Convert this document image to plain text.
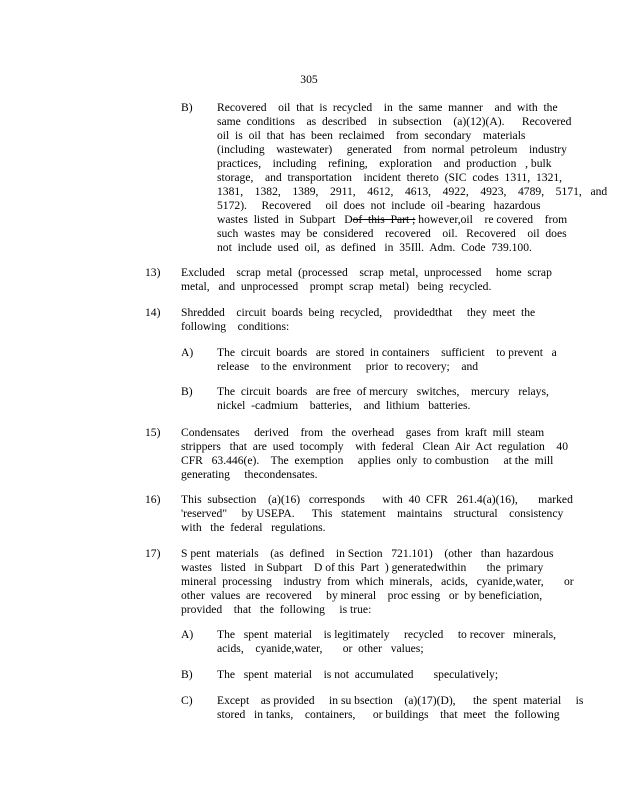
305
B)	Recovered    oil  that  is  recycled    in  the  same  manner    and  with  the
same  conditions    as  described    in  subsection    (a)(12)(A).      Recovered
oil  is  oil  that  has  been  reclaimed    from  secondary    materials
(including    wastewater)     generated    from  normal  petroleum    industry
practices,    including    refining,    exploration    and  production   , bulk
storage,    and  transportation    incident  thereto  (SIC  codes  1311,  1321,
1381,    1382,    1389,    2911,    4612,    4613,    4922,    4923,    4789,    5171,   and
5172).     Recovered     oil  does  not  include  oil -bearing   hazardous
wastes  listed  in  Subpart   Dof  this  Part ; however,oil    re covered    from
such  wastes  may  be  considered    recovered    oil.   Recovered    oil  does
not  include  used  oil,  as  defined   in  35Ill.  Adm.  Code  739.100.
13)	Excluded    scrap  metal  (processed    scrap  metal,  unprocessed     home  scrap
metal,   and  unprocessed    prompt  scrap  metal)   being  recycled.
14)	Shredded    circuit  boards  being  recycled,    providedthat     they  meet  the
following    conditions:
A)	The  circuit  boards   are  stored  in containers    sufficient    to prevent   a
release    to the  environment     prior  to recovery;    and
B)	The  circuit  boards   are free  of mercury   switches,    mercury   relays,
nickel  -cadmium    batteries,    and  lithium   batteries.
15)	Condensates     derived    from   the  overhead    gases  from  kraft  mill  steam
strippers   that  are  used  tocomply    with  federal   Clean  Air  Act  regulation    40
CFR   63.446(e).    The  exemption     applies  only  to combustion     at the  mill
generating     thecondensates.
16)	This  subsection    (a)(16)   corresponds      with  40  CFR   261.4(a)(16),       marked
'reserved"     by USEPA.      This   statement    maintains    structural    consistency
with   the  federal   regulations.
17)	S pent  materials    (as  defined    in Section   721.101)    (other   than  hazardous
wastes   listed   in Subpart    D of this  Part  ) generatedwithin       the  primary
mineral  processing    industry  from  which  minerals,   acids,   cyanide,water,       or
other  values  are  recovered     by mineral    proc essing   or  by beneficiation,
provided    that   the  following     is true:
A)	The   spent  material    is legitimately     recycled     to recover   minerals,
acids,    cyanide,water,       or  other   values;
B)	The   spent  material    is not  accumulated       speculatively;
C)	Except    as provided     in su bsection    (a)(17)(D),      the  spent  material     is
stored   in tanks,    containers,      or buildings    that  meet   the  following
